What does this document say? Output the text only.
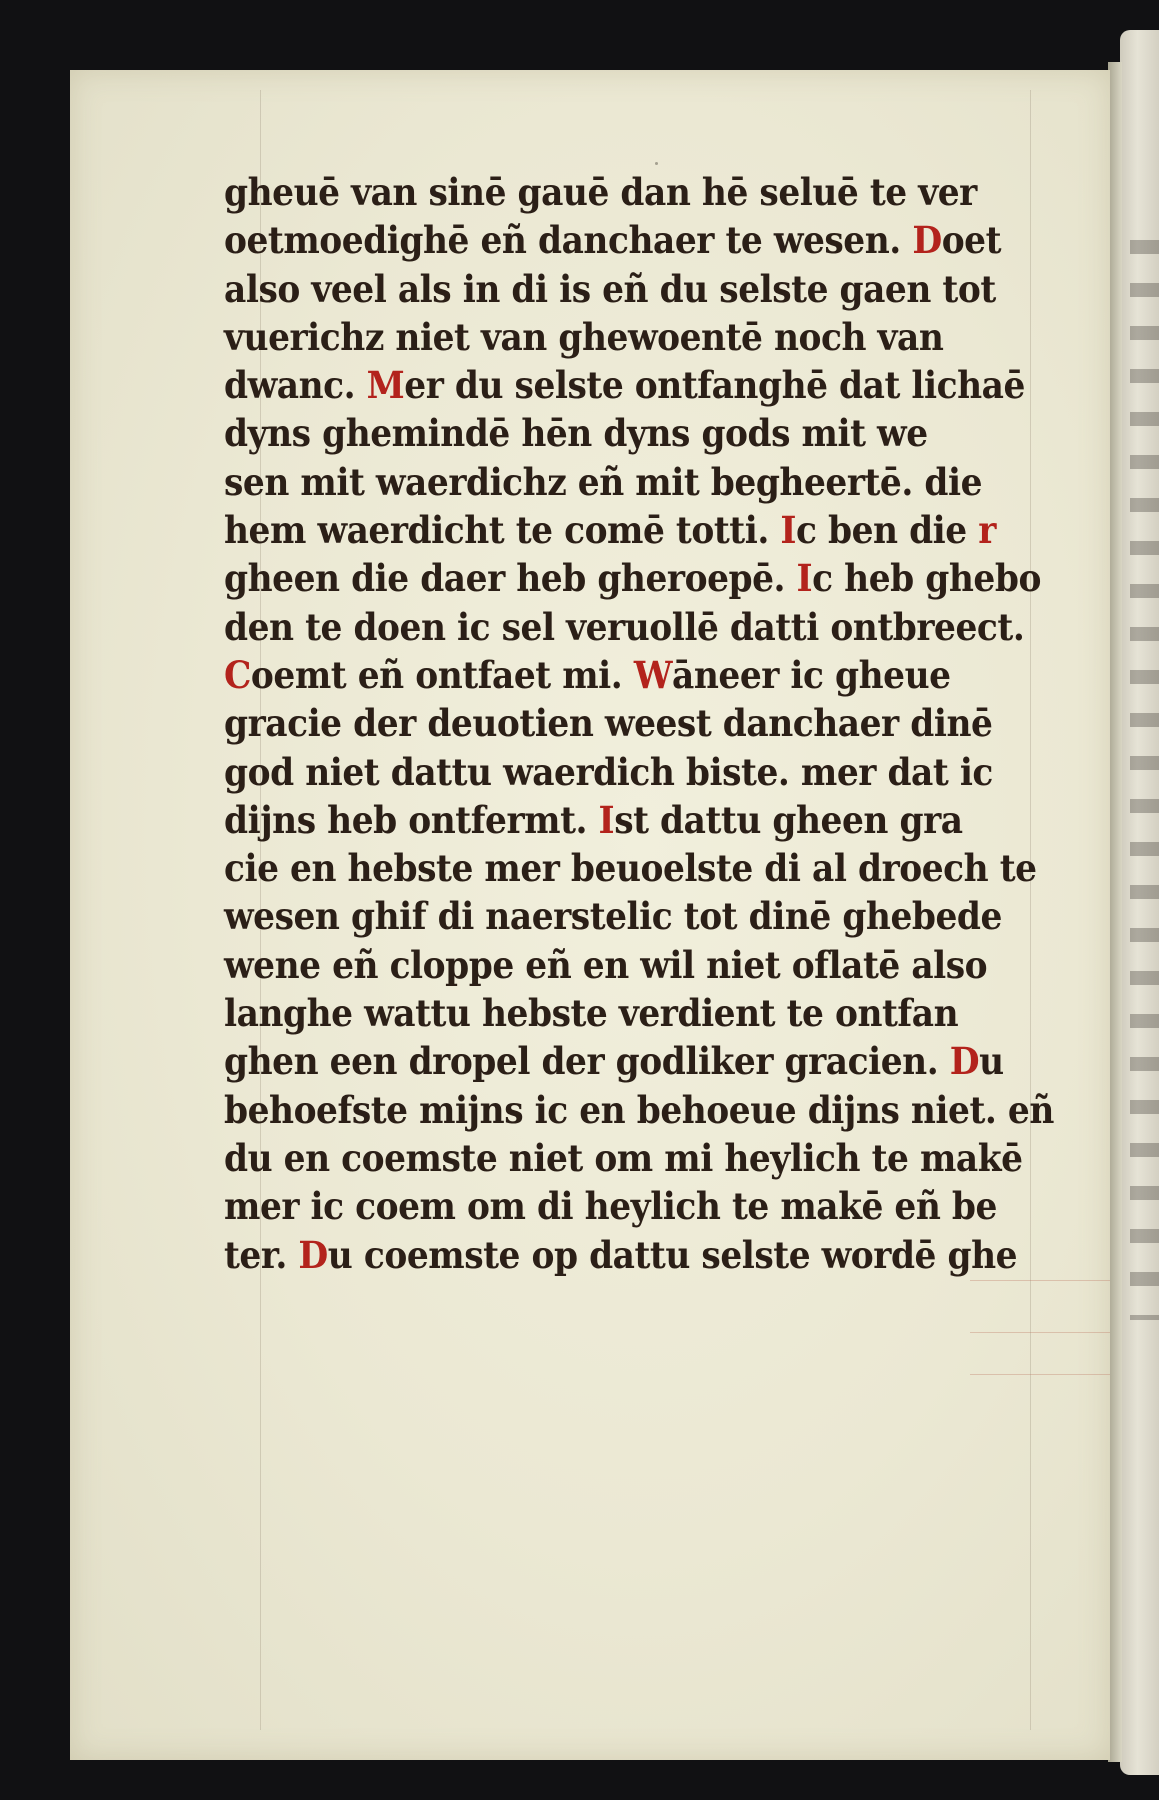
gheuē van sinē gauē dan hē seluē te ver
oetmoedighē eñ danchaer te wesen. Doet
also veel als in di is eñ du selste gaen tot
vuerichz niet van ghewoentē noch van
dwanc. Mer du selste ontfanghē dat lichaē
dyns ghemindē hēn dyns gods mit we
sen mit waerdichz eñ mit begheertē. die
hem waerdicht te comē totti. Ic ben die r
gheen die daer heb gheroepē. Ic heb ghebo
den te doen ic sel veruollē datti ontbreect.
Coemt eñ ontfaet mi. Wāneer ic gheue
gracie der deuotien weest danchaer dinē
god niet dattu waerdich biste. mer dat ic
dijns heb ontfermt. Ist dattu gheen gra
cie en hebste mer beuoelste di al droech te
wesen ghif di naerstelic tot dinē ghebede
wene eñ cloppe eñ en wil niet oflatē also
langhe wattu hebste verdient te ontfan
ghen een dropel der godliker gracien. Du
behoefste mijns ic en behoeue dijns niet. eñ
du en coemste niet om mi heylich te makē
mer ic coem om di heylich te makē eñ be
ter. Du coemste op dattu selste wordē ghe
